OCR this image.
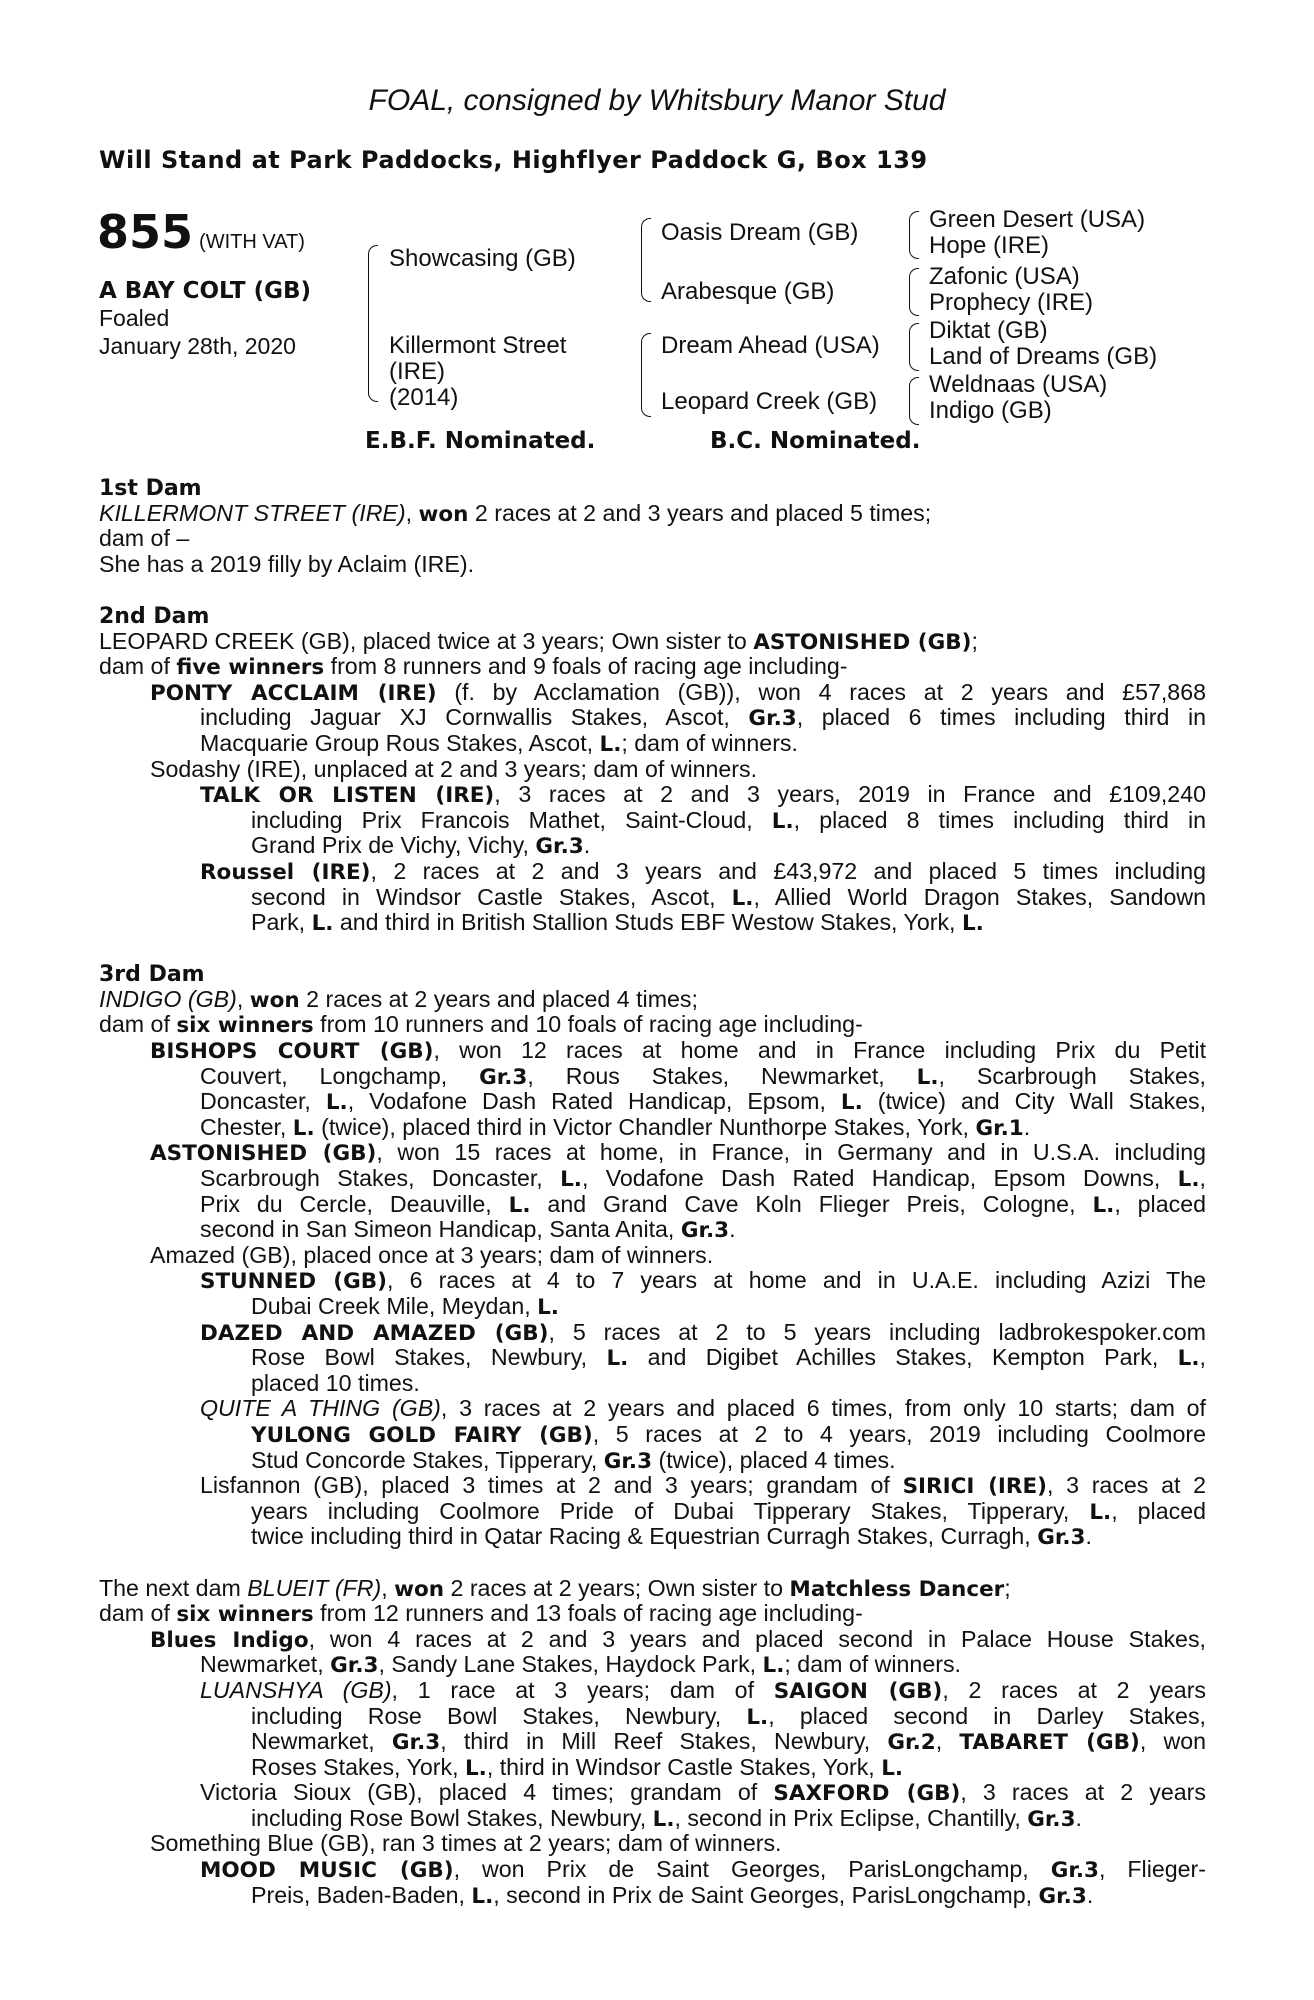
FOAL, consigned by Whitsbury Manor Stud
Will Stand at Park Paddocks, Highflyer Paddock G, Box 139
855 (WITH VAT)
A BAY COLT (GB)
Foaled
January 28th, 2020
Showcasing (GB)
Killermont Street
(IRE)
(2014)
Oasis Dream (GB)
Arabesque (GB)
Dream Ahead (USA)
Leopard Creek (GB)
Green Desert (USA)
Hope (IRE)
Zafonic (USA)
Prophecy (IRE)
Diktat (GB)
Land of Dreams (GB)
Weldnaas (USA)
Indigo (GB)
E.B.F. Nominated.	B.C. Nominated.
1st Dam
KILLERMONT STREET (IRE), won 2 races at 2 and 3 years and placed 5 times;
dam of –
She has a 2019 filly by Aclaim (IRE).
2nd Dam
LEOPARD CREEK (GB), placed twice at 3 years; Own sister to ASTONISHED (GB);
dam of five winners from 8 runners and 9 foals of racing age including-
PONTY ACCLAIM (IRE) (f. by Acclamation (GB)), won 4 races at 2 years and £57,868
including Jaguar XJ Cornwallis Stakes, Ascot, Gr.3, placed 6 times including third in
Macquarie Group Rous Stakes, Ascot, L.; dam of winners.
Sodashy (IRE), unplaced at 2 and 3 years; dam of winners.
TALK OR LISTEN (IRE), 3 races at 2 and 3 years, 2019 in France and £109,240
including Prix Francois Mathet, Saint-Cloud, L., placed 8 times including third in
Grand Prix de Vichy, Vichy, Gr.3.
Roussel (IRE), 2 races at 2 and 3 years and £43,972 and placed 5 times including
second in Windsor Castle Stakes, Ascot, L., Allied World Dragon Stakes, Sandown
Park, L. and third in British Stallion Studs EBF Westow Stakes, York, L.
3rd Dam
INDIGO (GB), won 2 races at 2 years and placed 4 times;
dam of six winners from 10 runners and 10 foals of racing age including-
BISHOPS COURT (GB), won 12 races at home and in France including Prix du Petit
Couvert, Longchamp, Gr.3, Rous Stakes, Newmarket, L., Scarbrough Stakes,
Doncaster, L., Vodafone Dash Rated Handicap, Epsom, L. (twice) and City Wall Stakes,
Chester, L. (twice), placed third in Victor Chandler Nunthorpe Stakes, York, Gr.1.
ASTONISHED (GB), won 15 races at home, in France, in Germany and in U.S.A. including
Scarbrough Stakes, Doncaster, L., Vodafone Dash Rated Handicap, Epsom Downs, L.,
Prix du Cercle, Deauville, L. and Grand Cave Koln Flieger Preis, Cologne, L., placed
second in San Simeon Handicap, Santa Anita, Gr.3.
Amazed (GB), placed once at 3 years; dam of winners.
STUNNED (GB), 6 races at 4 to 7 years at home and in U.A.E. including Azizi The
Dubai Creek Mile, Meydan, L.
DAZED AND AMAZED (GB), 5 races at 2 to 5 years including ladbrokespoker.com
Rose Bowl Stakes, Newbury, L. and Digibet Achilles Stakes, Kempton Park, L.,
placed 10 times.
QUITE A THING (GB), 3 races at 2 years and placed 6 times, from only 10 starts; dam of
YULONG GOLD FAIRY (GB), 5 races at 2 to 4 years, 2019 including Coolmore
Stud Concorde Stakes, Tipperary, Gr.3 (twice), placed 4 times.
Lisfannon (GB), placed 3 times at 2 and 3 years; grandam of SIRICI (IRE), 3 races at 2
years including Coolmore Pride of Dubai Tipperary Stakes, Tipperary, L., placed
twice including third in Qatar Racing & Equestrian Curragh Stakes, Curragh, Gr.3.
The next dam BLUEIT (FR), won 2 races at 2 years; Own sister to Matchless Dancer;
dam of six winners from 12 runners and 13 foals of racing age including-
Blues Indigo, won 4 races at 2 and 3 years and placed second in Palace House Stakes,
Newmarket, Gr.3, Sandy Lane Stakes, Haydock Park, L.; dam of winners.
LUANSHYA (GB), 1 race at 3 years; dam of SAIGON (GB), 2 races at 2 years
including Rose Bowl Stakes, Newbury, L., placed second in Darley Stakes,
Newmarket, Gr.3, third in Mill Reef Stakes, Newbury, Gr.2, TABARET (GB), won
Roses Stakes, York, L., third in Windsor Castle Stakes, York, L.
Victoria Sioux (GB), placed 4 times; grandam of SAXFORD (GB), 3 races at 2 years
including Rose Bowl Stakes, Newbury, L., second in Prix Eclipse, Chantilly, Gr.3.
Something Blue (GB), ran 3 times at 2 years; dam of winners.
MOOD MUSIC (GB), won Prix de Saint Georges, ParisLongchamp, Gr.3, Flieger-
Preis, Baden-Baden, L., second in Prix de Saint Georges, ParisLongchamp, Gr.3.
